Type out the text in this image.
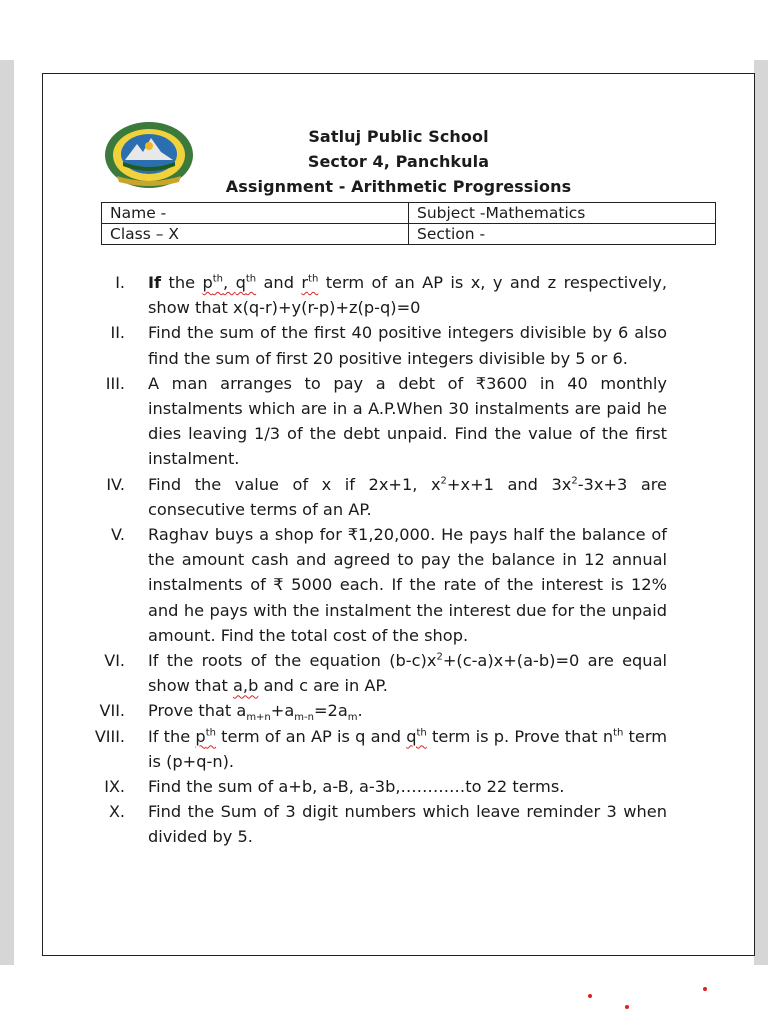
Satluj Public School
Sector 4, Panchkula
Assignment - Arithmetic Progressions
Name -	Subject -Mathematics
Class – X	Section -
I. If the $p^{th}$, $q^{th}$ and $r^{th}$ term of an AP is x, y and z respectively, show that x(q-r)+y(r-p)+z(p-q)=0
II. Find the sum of the first 40 positive integers divisible by 6 also find the sum of first 20 positive integers divisible by 5 or 6.
III. A man arranges to pay a debt of ₹3600 in 40 monthly instalments which are in a A.P.When 30 instalments are paid he dies leaving 1/3 of the debt unpaid. Find the value of the first instalment.
IV. Find the value of x if 2x+1, $x^2+x+1$ and $3x^2-3x+3$ are consecutive terms of an AP.
V. Raghav buys a shop for ₹1,20,000. He pays half the balance of the amount cash and agreed to pay the balance in 12 annual instalments of ₹ 5000 each. If the rate of the interest is 12% and he pays with the instalment the interest due for the unpaid amount. Find the total cost of the shop.
VI. If the roots of the equation $(b-c)x^2+(c-a)x+(a-b)=0$ are equal show that a,b and c are in AP.
VII. Prove that $a_{m+n}+a_{m-n}=2a_m$.
VIII. If the $p^{th}$ term of an AP is q and $q^{th}$ term is p. Prove that $n^{th}$ term is (p+q-n).
IX. Find the sum of a+b, a-B, a-3b,…………to 22 terms.
X. Find the Sum of 3 digit numbers which leave reminder 3 when divided by 5.
